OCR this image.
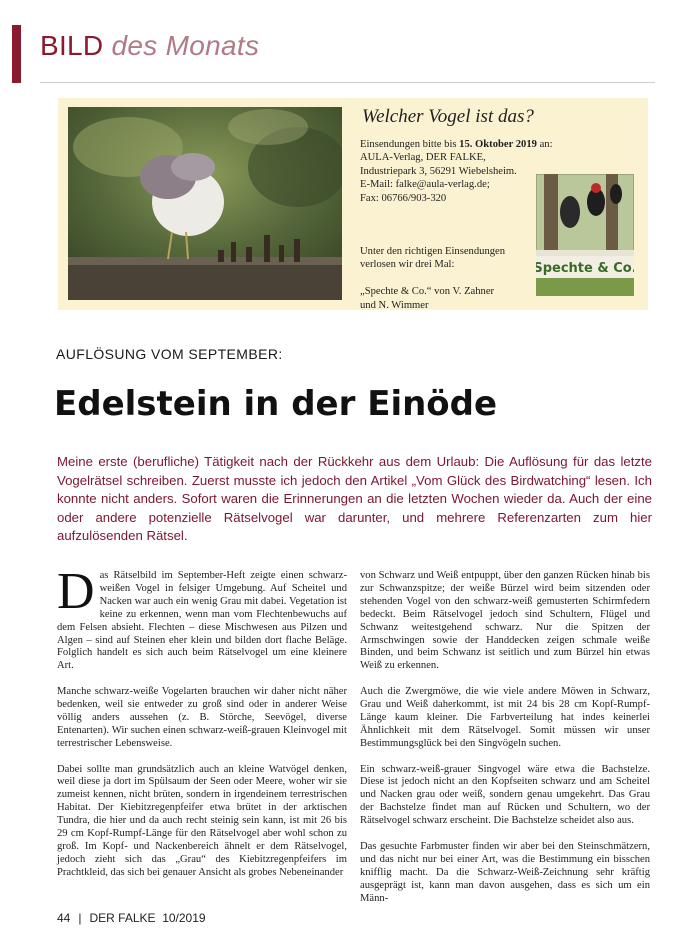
BILD des Monats
Welcher Vogel ist das?

Einsendungen bitte bis 15. Oktober 2019 an:

AULA-Verlag, DER FALKE,

Industriepark 3, 56291 Wiebelsheim.

E-Mail: falke@aula-verlag.de;

Fax: 06766/903-320

Unter den richtigen Einsendungen

verlosen wir drei Mal:

„Spechte & Co.“ von V. Zahner

und N. Wimmer

Spechte & Co.
AUFLÖSUNG VOM SEPTEMBER:
Edelstein in der Einöde
Meine erste (berufliche) Tätigkeit nach der Rückkehr aus dem Urlaub: Die Auflösung für das letzte Vogelrätsel schreiben. Zuerst musste ich jedoch den Artikel „Vom Glück des Birdwatching“ lesen. Ich konnte nicht anders. Sofort waren die Erinnerungen an die letzten Wochen wieder da. Auch der eine oder andere potenzielle Rätselvogel war darunter, und mehrere Referenzarten zum hier aufzulösenden Rätsel.

Das Rätselbild im September-Heft zeigte einen schwarz-weißen Vogel in felsiger Umgebung. Auf Scheitel und Nacken war auch ein wenig Grau mit dabei. Vegetation ist keine zu erkennen, wenn man vom Flechtenbewuchs auf dem Felsen absieht. Flechten – diese Mischwesen aus Pilzen und Algen – sind auf Steinen eher klein und bilden dort flache Beläge. Folglich handelt es sich auch beim Rätselvogel um eine kleinere Art.

Manche schwarz-weiße Vogelarten brauchen wir daher nicht näher bedenken, weil sie entweder zu groß sind oder in anderer Weise völlig anders aussehen (z. B. Störche, Seevögel, diverse Entenarten). Wir suchen einen schwarz-weiß-grauen Kleinvogel mit terrestrischer Lebensweise.

Dabei sollte man grundsätzlich auch an kleine Watvögel denken, weil diese ja dort im Spülsaum der Seen oder Meere, woher wir sie zumeist kennen, nicht brüten, sondern in irgendeinem terrestrischen Habitat. Der Kiebitzregenpfeifer etwa brütet in der arktischen Tundra, die hier und da auch recht steinig sein kann, ist mit 26 bis 29 cm Kopf-Rumpf-Länge für den Rätselvogel aber wohl schon zu groß. Im Kopf- und Nackenbereich ähnelt er dem Rätselvogel, jedoch zieht sich das „Grau“ des Kiebitzregenpfeifers im Prachtkleid, das sich bei genauer Ansicht als grobes Nebeneinander

von Schwarz und Weiß entpuppt, über den ganzen Rücken hinab bis zur Schwanzspitze; der weiße Bürzel wird beim sitzenden oder stehenden Vogel von den schwarz-weiß gemusterten Schirmfedern bedeckt. Beim Rätselvogel jedoch sind Schultern, Flügel und Schwanz weitestgehend schwarz. Nur die Spitzen der Armschwingen sowie der Handdecken zeigen schmale weiße Binden, und beim Schwanz ist seitlich und zum Bürzel hin etwas Weiß zu erkennen.

Auch die Zwergmöwe, die wie viele andere Möwen in Schwarz, Grau und Weiß daherkommt, ist mit 24 bis 28 cm Kopf-Rumpf-Länge kaum kleiner. Die Farbverteilung hat indes keinerlei Ähnlichkeit mit dem Rätselvogel. Somit müssen wir unser Bestimmungsglück bei den Singvögeln suchen.

Ein schwarz-weiß-grauer Singvogel wäre etwa die Bachstelze. Diese ist jedoch nicht an den Kopfseiten schwarz und am Scheitel und Nacken grau oder weiß, sondern genau umgekehrt. Das Grau der Bachstelze findet man auf Rücken und Schultern, wo der Rätselvogel schwarz erscheint. Die Bachstelze scheidet also aus.

Das gesuchte Farbmuster finden wir aber bei den Steinschmätzern, und das nicht nur bei einer Art, was die Bestimmung ein bisschen knifflig macht. Da die Schwarz-Weiß-Zeichnung sehr kräftig ausgeprägt ist, kann man davon ausgehen, dass es sich um ein Männ-

44 | DER FALKE 10/2019
